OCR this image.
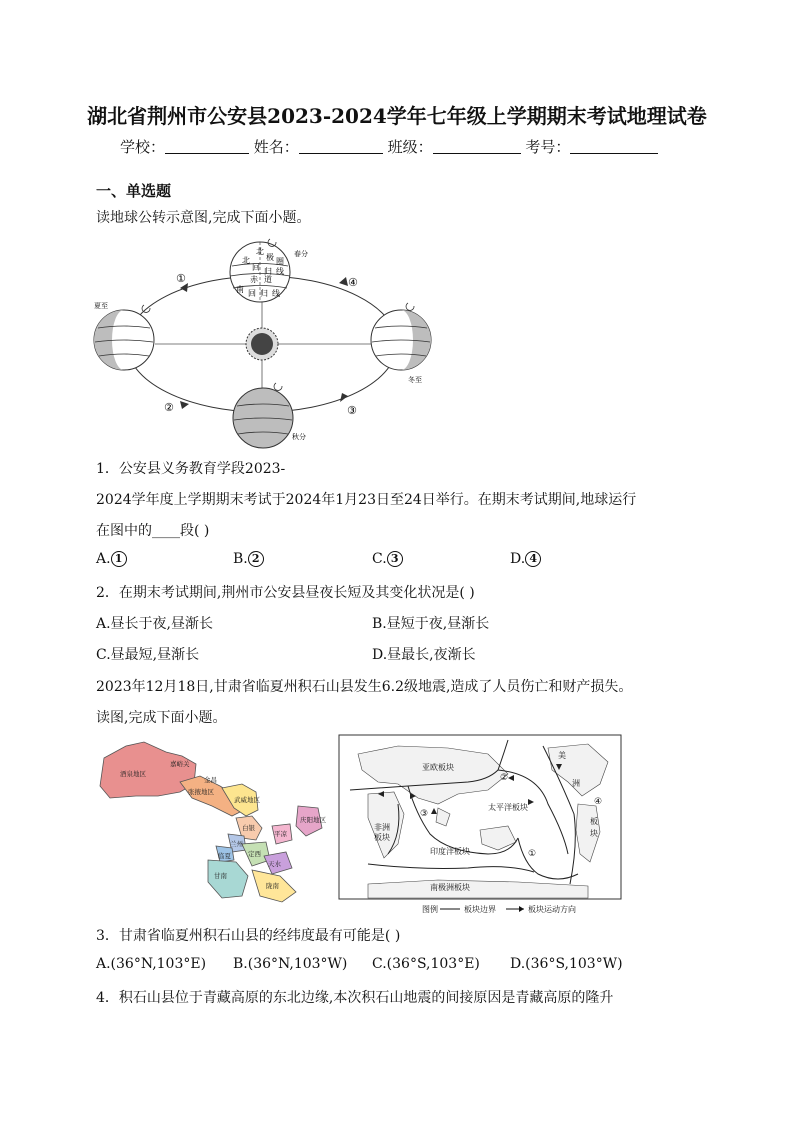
湖北省荆州市公安县2023-2024学年七年级上学期期末考试地理试卷
学校：	姓名：	班级：	考号：
一、单选题
读地球公转示意图,完成下面小题。
北
极 圈
北
回 归 线
赤 道
南 回 归 线
春分
夏至
冬至
秋分
①
②	③
④
1．公安县义务教育学段2023-
2024学年度上学期期末考试于2024年1月23日至24日举行。在期末考试期间,地球运行
在图中的____段( )
A. 1	B. 2	C. 3	D. 4
2．在期末考试期间,荆州市公安县昼夜长短及其变化状况是( )
A.昼长于夜,昼渐长	B.昼短于夜,昼渐长
C.昼最短,昼渐长	D.昼最长,夜渐长
2023年12月18日,甘肃省临夏州积石山县发生6.2级地震,造成了人员伤亡和财产损失。
读图,完成下面小题。
酒泉地区
张掖地区
武威地区
庆阳地区
白银
兰州
临夏	定西
平凉
天水
甘南
陇南
金昌
嘉峪关	亚欧板块
非洲
板块
太平洋板块
印度洋板块
南极洲板块
美
洲
板
块
①
②
③
④
图例	板块边界	板块运动方向
3．甘肃省临夏州积石山县的经纬度最有可能是( )
A.(36°N,103°E) B.(36°N,103°W) C.(36°S,103°E) D.(36°S,103°W)
4．积石山县位于青藏高原的东北边缘,本次积石山地震的间接原因是青藏高原的隆升
